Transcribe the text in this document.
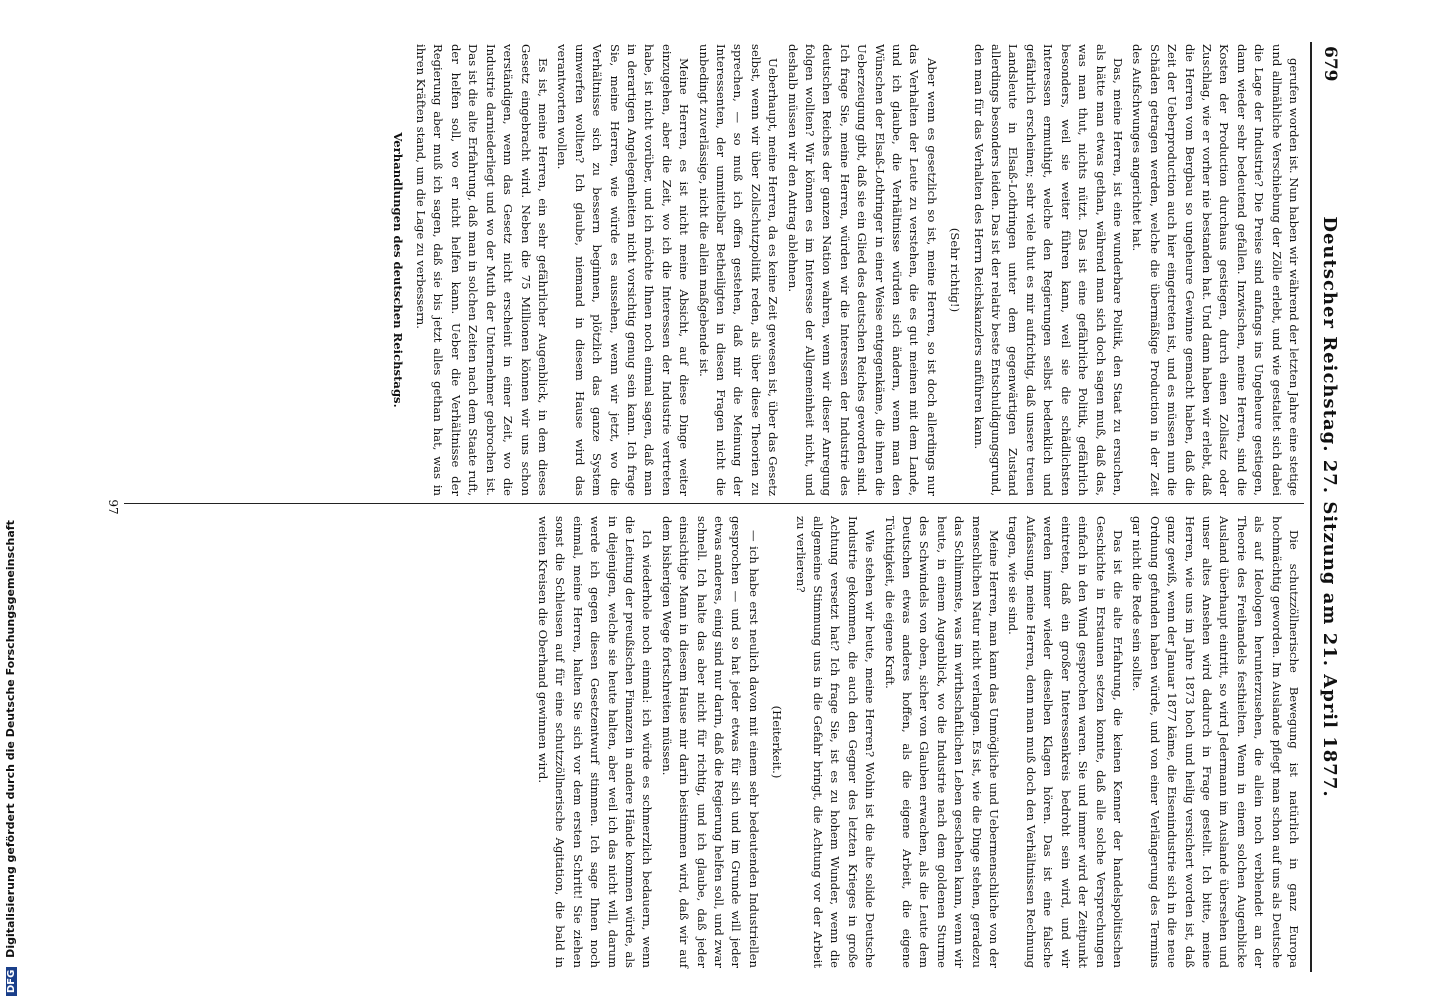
679
Deutscher Reichstag. 27. Sitzung am 21. April 1877.

gerufen worden ist. Nun haben wir während der letzten Jahre eine stetige und allmähliche Verschiebung der Zölle erlebt, und wie gestaltet sich dabei die Lage der Industrie? Die Preise sind anfangs ins Ungeheure gestiegen, dann wieder sehr bedeutend gefallen. Inzwischen, meine Herren, sind die Kosten der Production durchaus gestiegen, durch einen Zollsatz oder Zuschlag, wie er vorher nie bestanden hat. Und dann haben wir erlebt, daß die Herren vom Bergbau so ungeheure Gewinne gemacht haben, daß die Zeit der Ueberproduction auch hier eingetreten ist, und es müssen nun die Schäden getragen werden, welche die übermäßige Production in der Zeit des Aufschwunges angerichtet hat.

Das, meine Herren, ist eine wunderbare Politik, den Staat zu ersuchen, als hätte man etwas gethan, während man sich doch sagen muß, daß das, was man thut, nichts nützt. Das ist eine gefährliche Politik, gefährlich besonders, weil sie weiter führen kann, weil sie die schädlichsten Interessen ermuthigt, welche den Regierungen selbst bedenklich und gefährlich erscheinen; sehr viele thut es mir aufrichtig, daß unsere treuen Landsleute in Elsaß-Lothringen unter dem gegenwärtigen Zustand allerdings besonders leiden. Das ist der relativ beste Entschuldigungsgrund, den man für das Verhalten des Herrn Reichskanzlers anführen kann.

(Sehr richtig!)

Aber wenn es gesetzlich so ist, meine Herren, so ist doch allerdings nur das Verhalten der Leute zu verstehen, die es gut meinen mit dem Lande, und ich glaube, die Verhältnisse würden sich ändern, wenn man den Wünschen der Elsaß-Lothringer in einer Weise entgegenkäme, die ihnen die Ueberzeugung gibt, daß sie ein Glied des deutschen Reiches geworden sind. Ich frage Sie, meine Herren, würden wir die Interessen der Industrie des deutschen Reiches der ganzen Nation wahren, wenn wir dieser Anregung folgen wollten? Wir können es im Interesse der Allgemeinheit nicht, und deshalb müssen wir den Antrag ablehnen.

Ueberhaupt, meine Herren, da es keine Zeit gewesen ist, über das Gesetz selbst, wenn wir über Zollschutzpolitik reden, als über diese Theorien zu sprechen, — so muß ich offen gestehen, daß mir die Meinung der Interessenten, der unmittelbar Betheiligten in diesen Fragen nicht die unbedingt zuverlässige, nicht die allein maßgebende ist.

Meine Herren, es ist nicht meine Absicht, auf diese Dinge weiter einzugehen, aber die Zeit, wo ich die Interessen der Industrie vertreten habe, ist nicht vorüber, und ich möchte Ihnen noch einmal sagen, daß man in derartigen Angelegenheiten nicht vorsichtig genug sein kann. Ich frage Sie, meine Herren, wie würde es aussehen, wenn wir jetzt, wo die Verhältnisse sich zu bessern beginnen, plötzlich das ganze System umwerfen wollten? Ich glaube, niemand in diesem Hause wird das verantworten wollen.

Es ist, meine Herren, ein sehr gefährlicher Augenblick, in dem dieses Gesetz eingebracht wird. Neben die 75 Millionen können wir uns schon verständigen, wenn das Gesetz nicht erscheint in einer Zeit, wo die Industrie darniederliegt und wo der Muth der Unternehmer gebrochen ist. Das ist die alte Erfahrung, daß man in solchen Zeiten nach dem Staate ruft, der helfen soll, wo er nicht helfen kann. Ueber die Verhältnisse der Regierung aber muß ich sagen, daß sie bis jetzt alles gethan hat, was in ihren Kräften stand, um die Lage zu verbessern.

Verhandlungen des deutschen Reichstags.

Die schutzzöllnerische Bewegung ist natürlich in ganz Europa hochmächtig geworden. Im Auslande pflegt man schon auf uns als Deutsche als auf Ideologen herunterzusehen, die allein noch verblendet an der Theorie des Freihandels festhielten. Wenn in einem solchen Augenblicke Ausland überhaupt eintritt, so wird Jedermann im Auslande übersehen und unser altes Ansehen wird dadurch in Frage gestellt. Ich bitte, meine Herren, wie uns im Jahre 1873 hoch und heilig versichert worden ist, daß ganz gewiß, wenn der Januar 1877 käme, die Eisenindustrie sich in die neue Ordnung gefunden haben würde, und von einer Verlängerung des Termins gar nicht die Rede sein sollte.

Das ist die alte Erfahrung, die keinen Kenner der handelspolitischen Geschichte in Erstaunen setzen konnte, daß alle solche Versprechungen einfach in den Wind gesprochen waren. Sie und immer wird der Zeitpunkt eintreten, daß ein großer Interessenkreis bedroht sein wird, und wir werden immer wieder dieselben Klagen hören. Das ist eine falsche Aufassung, meine Herren, denn man muß doch den Verhältnissen Rechnung tragen, wie sie sind.

Meine Herren, man kann das Unmögliche und Uebermenschliche von der menschlichen Natur nicht verlangen. Es ist, wie die Dinge stehen, geradezu das Schlimmste, was im wirthschaftlichen Leben geschehen kann, wenn wir heute, in einem Augenblick, wo die Industrie nach dem goldenen Sturme des Schwindels von oben, sicher von Glauben erwachen, als die Leute dem Deutschen etwas anderes hoffen, als die eigene Arbeit, die eigene Tüchtigkeit, die eigene Kraft.

Wie stehen wir heute, meine Herren? Wohin ist die alte solide Deutsche Industrie gekommen, die auch den Gegner des letzten Krieges in große Achtung versetzt hat? Ich frage Sie, ist es zu hohem Wunder, wenn die allgemeine Stimmung uns in die Gefahr bringt, die Achtung vor der Arbeit zu verlieren?

(Heiterkeit.)

— ich habe erst neulich davon mit einem sehr bedeutenden Industriellen gesprochen — und so hat jeder etwas für sich und im Grunde will jeder etwas anderes, einig sind nur darin, daß die Regierung helfen soll, und zwar schnell. Ich halte das aber nicht für richtig, und ich glaube, daß jeder einsichtige Mann in diesem Hause mir darin beistimmen wird, daß wir auf dem bisherigen Wege fortschreiten müssen.

Ich wiederhole noch einmal: ich würde es schmerzlich bedauern, wenn die Leitung der preußischen Finanzen in andere Hände kommen würde, als in diejenigen, welche sie heute halten, aber weil ich das nicht will, darum werde ich gegen diesen Gesetzentwurf stimmen. Ich sage Ihnen noch einmal, meine Herren, halten Sie sich vor dem ersten Schritt! Sie ziehen sonst die Schleusen auf für eine schutzzöllnerische Agitation, die bald in weiten Kreisen die Oberhand gewinnen wird.

97
DFG Digitalisierung gefördert durch die Deutsche Forschungsgemeinschaft
